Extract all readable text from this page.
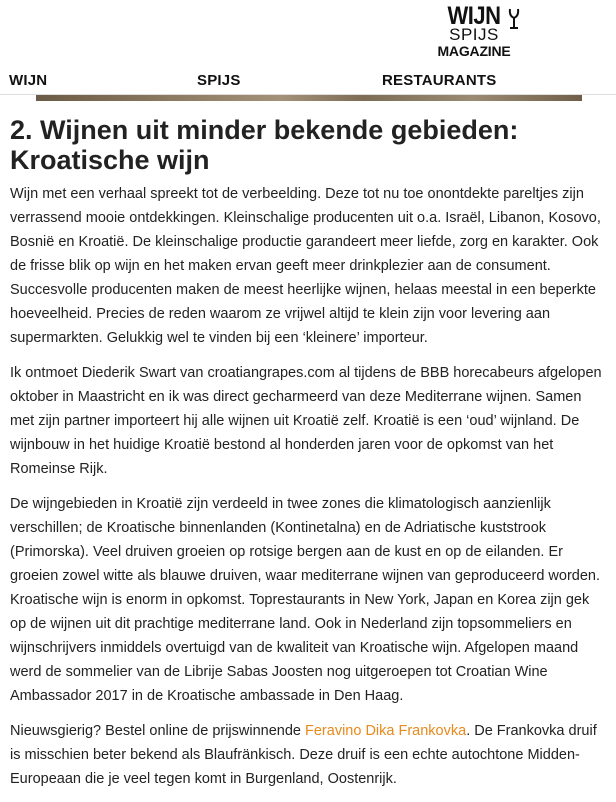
WIJN
SPIJS
MAGAZINE
WIJN	SPIJS	RESTAURANTS
2. Wijnen uit minder bekende gebieden: Kroatische wijn

Wijn met een verhaal spreekt tot de verbeelding. Deze tot nu toe onontdekte pareltjes zijn verrassend mooie ontdekkingen. Kleinschalige producenten uit o.a. Israël, Libanon, Kosovo, Bosnië en Kroatië. De kleinschalige productie garandeert meer liefde, zorg en karakter. Ook de frisse blik op wijn en het maken ervan geeft meer drinkplezier aan de consument. Succesvolle producenten maken de meest heerlijke wijnen, helaas meestal in een beperkte hoeveelheid. Precies de reden waarom ze vrijwel altijd te klein zijn voor levering aan supermarkten. Gelukkig wel te vinden bij een ‘kleinere’ importeur.

Ik ontmoet Diederik Swart van croatiangrapes.com al tijdens de BBB horecabeurs afgelopen oktober in Maastricht en ik was direct gecharmeerd van deze Mediterrane wijnen. Samen met zijn partner importeert hij alle wijnen uit Kroatië zelf. Kroatië is een ‘oud’ wijnland. De wijnbouw in het huidige Kroatië bestond al honderden jaren voor de opkomst van het Romeinse Rijk.

De wijngebieden in Kroatië zijn verdeeld in twee zones die klimatologisch aanzienlijk verschillen; de Kroatische binnenlanden (Kontinetalna) en de Adriatische kuststrook (Primorska). Veel druiven groeien op rotsige bergen aan de kust en op de eilanden. Er groeien zowel witte als blauwe druiven, waar mediterrane wijnen van geproduceerd worden. Kroatische wijn is enorm in opkomst. Toprestaurants in New York, Japan en Korea zijn gek op de wijnen uit dit prachtige mediterrane land. Ook in Nederland zijn topsommeliers en wijnschrijvers inmiddels overtuigd van de kwaliteit van Kroatische wijn. Afgelopen maand werd de sommelier van de Librije Sabas Joosten nog uitgeroepen tot Croatian Wine Ambassador 2017 in de Kroatische ambassade in Den Haag.

Nieuwsgierig? Bestel online de prijswinnende Feravino Dika Frankovka. De Frankovka druif is misschien beter bekend als Blaufränkisch. Deze druif is een echte autochtone Midden-Europeaan die je veel tegen komt in Burgenland, Oostenrijk.
